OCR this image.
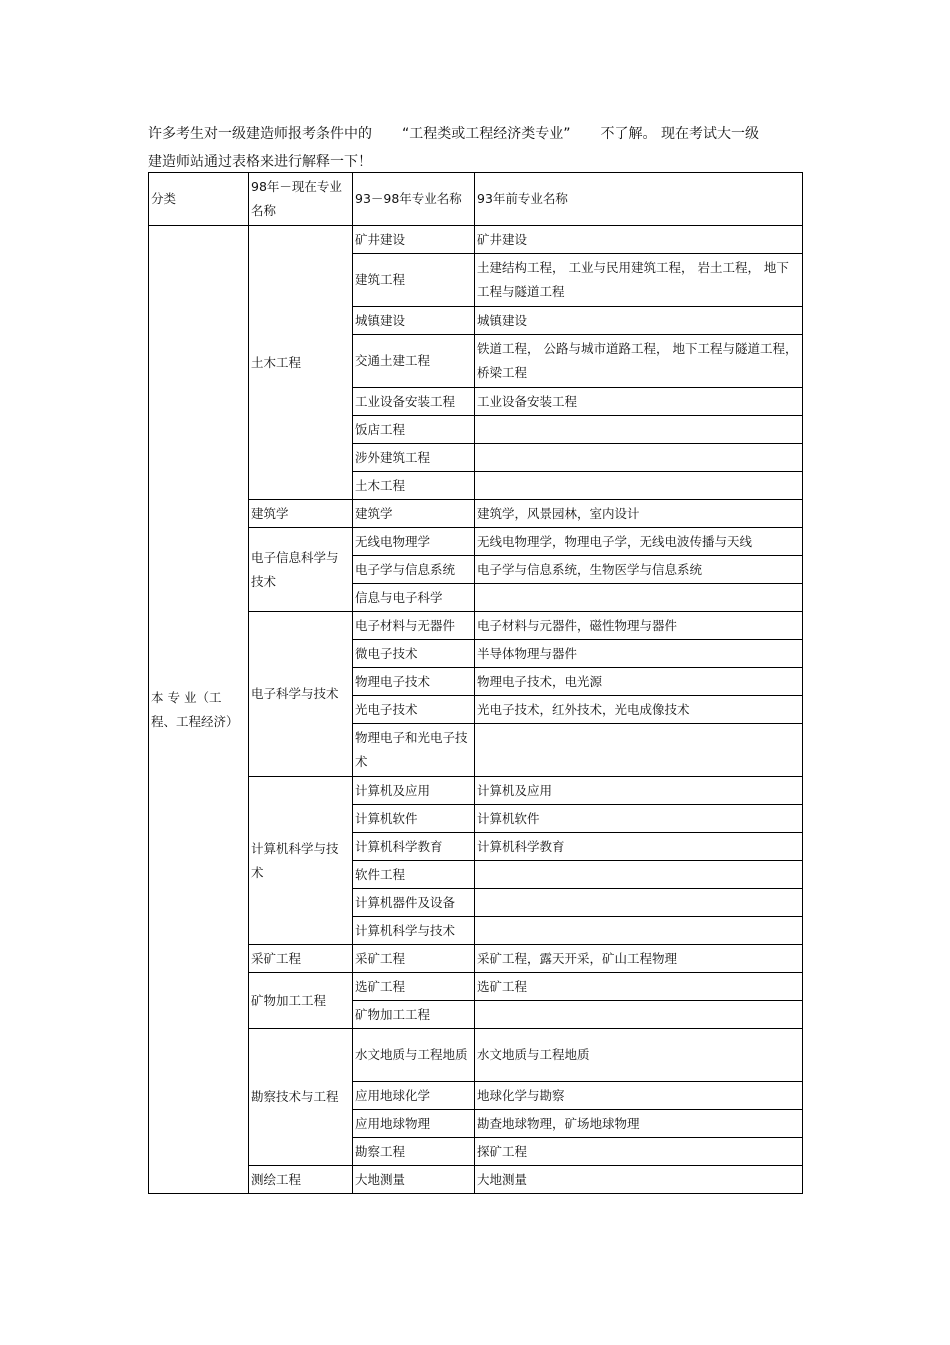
许多考生对一级建造师报考条件中的 “工程类或工程经济类专业” 不了解。 现在考试大一级
建造师站通过表格来进行解释一下！
分类	98年－现在专业名称	93－98年专业名称	93年前专业名称
本 专 业（工程、工程经济）	土木工程	矿井建设	矿井建设
		建筑工程	土建结构工程， 工业与民用建筑工程， 岩土工程， 地下工程与隧道工程
		城镇建设	城镇建设
		交通土建工程	铁道工程， 公路与城市道路工程， 地下工程与隧道工程，桥梁工程
		工业设备安装工程	工业设备安装工程
		饭店工程	
		涉外建筑工程	
		土木工程	
	建筑学	建筑学	建筑学，风景园林，室内设计
	电子信息科学与技术	无线电物理学	无线电物理学，物理电子学，无线电波传播与天线
		电子学与信息系统	电子学与信息系统，生物医学与信息系统
		信息与电子科学	
	电子科学与技术	电子材料与无器件	电子材料与元器件，磁性物理与器件
		微电子技术	半导体物理与器件
		物理电子技术	物理电子技术，电光源
		光电子技术	光电子技术，红外技术，光电成像技术
		物理电子和光电子技术	
	计算机科学与技术	计算机及应用	计算机及应用
		计算机软件	计算机软件
		计算机科学教育	计算机科学教育
		软件工程	
		计算机器件及设备	
		计算机科学与技术	
	采矿工程	采矿工程	采矿工程，露天开采，矿山工程物理
	矿物加工工程	选矿工程	选矿工程
		矿物加工工程	
	勘察技术与工程	水文地质与工程地质	水文地质与工程地质
		应用地球化学	地球化学与勘察
		应用地球物理	勘查地球物理，矿场地球物理
		勘察工程	探矿工程
	测绘工程	大地测量	大地测量
